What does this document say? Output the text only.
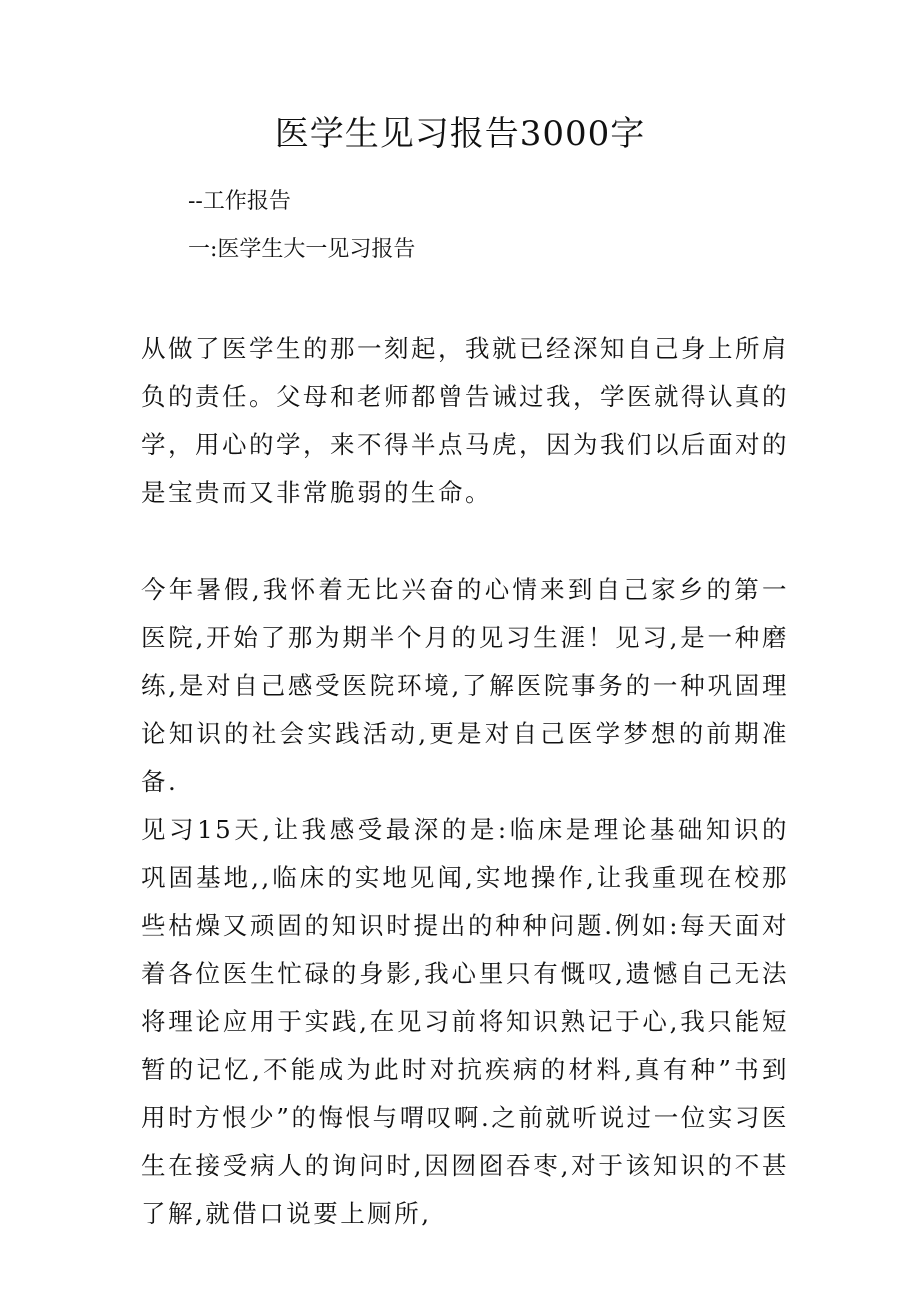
医学生见习报告3000字

--工作报告

一:医学生大一见习报告

从做了医学生的那一刻起，我就已经深知自己身上所肩负的责任。父母和老师都曾告诫过我，学医就得认真的学，用心的学，来不得半点马虎，因为我们以后面对的是宝贵而又非常脆弱的生命。

今年暑假,我怀着无比兴奋的心情来到自己家乡的第一医院,开始了那为期半个月的见习生涯！见习,是一种磨练,是对自己感受医院环境,了解医院事务的一种巩固理论知识的社会实践活动,更是对自己医学梦想的前期准备.

见习15天,让我感受最深的是:临床是理论基础知识的巩固基地,,临床的实地见闻,实地操作,让我重现在校那些枯燥又顽固的知识时提出的种种问题.例如:每天面对着各位医生忙碌的身影,我心里只有慨叹,遗憾自己无法将理论应用于实践,在见习前将知识熟记于心,我只能短暂的记忆,不能成为此时对抗疾病的材料,真有种”书到用时方恨少”的悔恨与喟叹啊.之前就听说过一位实习医生在接受病人的询问时,因囫囵吞枣,对于该知识的不甚了解,就借口说要上厕所,
